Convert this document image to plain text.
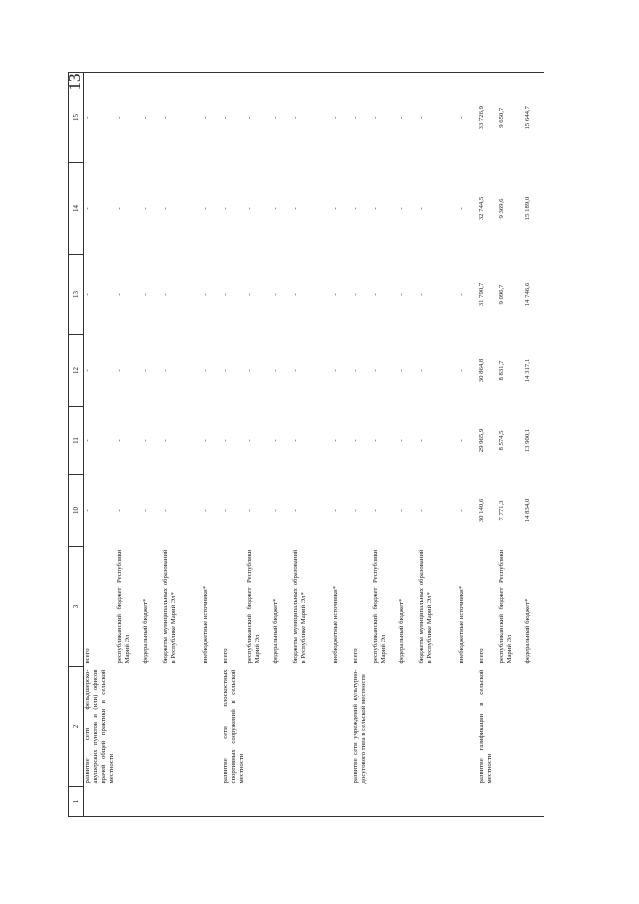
13
1	2	3	10	11	12	13	14	15
	развитие сети фельдшерско-акушерских пунктов и (или) офисов врачей общей практики в сельской местности	всего	-	-	-	-	-	-
		республиканский бюджет Республики Марий Эл	-	-	-	-	-	-
		федеральный бюджет*	-	-	-	-	-	-
		бюджеты муниципальных образований в Республике Марий Эл*	-	-	-	-	-	-
		внебюджетные источники*	-	-	-	-	-	-
	развитие сети плоскостных спортивных сооружений в сельской местности	всего	-	-	-	-	-	-
		республиканский бюджет Республики Марий Эл	-	-	-	-	-	-
		федеральный бюджет*	-	-	-	-	-	-
		бюджеты муниципальных образований в Республике Марий Эл*	-	-	-	-	-	-
		внебюджетные источники*	-	-	-	-	-	-
	развитие сети учреждений культурно-досугового типа в сельской местности	всего	-	-	-	-	-	-
		республиканский бюджет Республики Марий Эл	-	-	-	-	-	-
		федеральный бюджет*	-	-	-	-	-	-
		бюджеты муниципальных образований в Республике Марий Эл*	-	-	-	-	-	-
		внебюджетные источники*	-	-	-	-	-	-
	развитие газификации в сельской местности	всего	30 140,6	29 965,9	30 864,8	31 790,7	32 744,5	33 726,9
		республиканский бюджет Республики Марий Эл	7 771,3	8 574,5	8 831,7	9 096,7	9 369,6	9 650,7
		федеральный бюджет*	14 834,0	13 900,1	14 317,1	14 746,6	15 189,0	15 644,7
